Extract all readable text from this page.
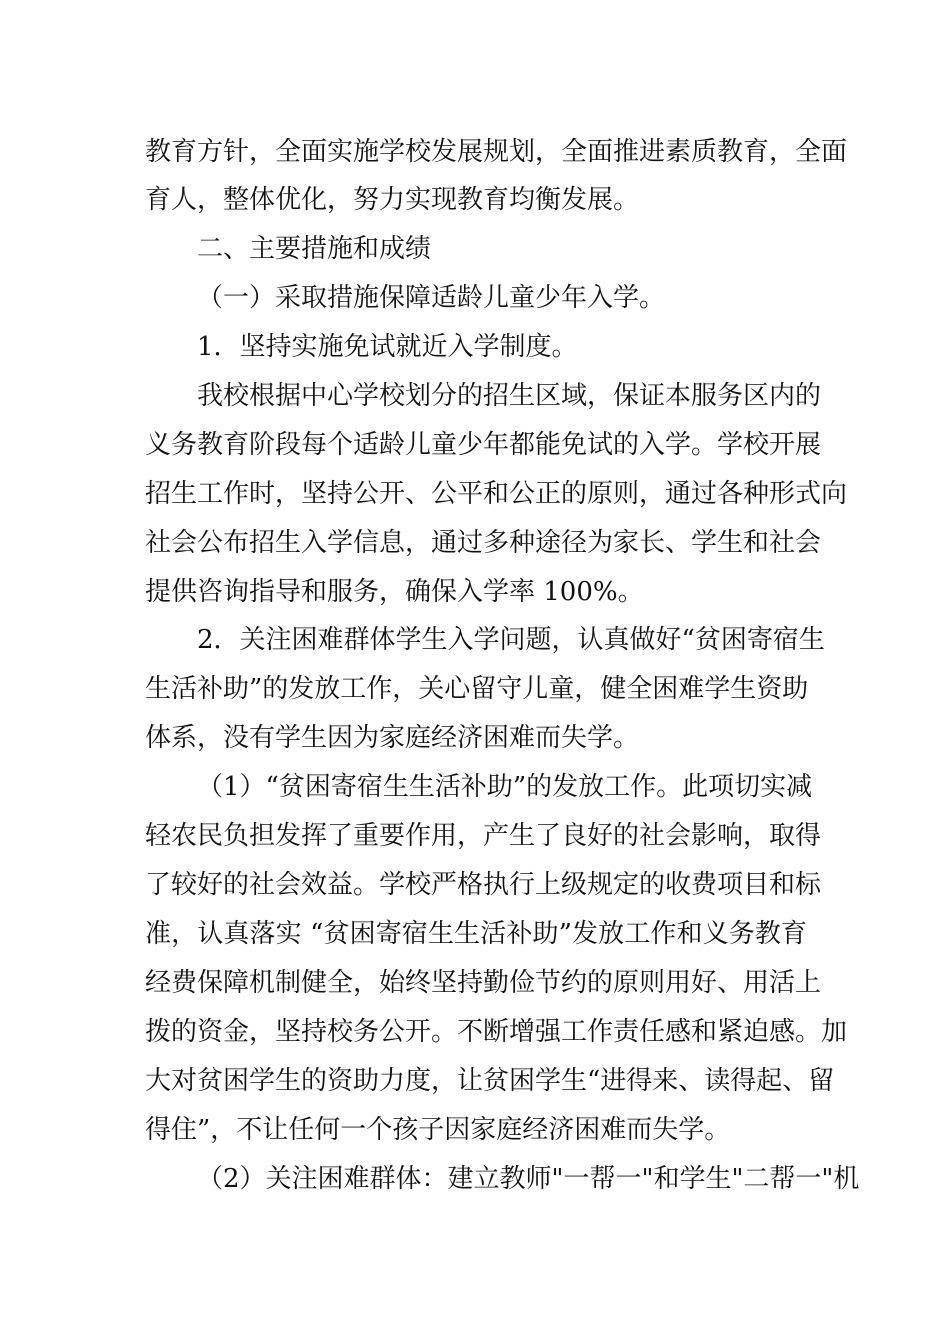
教育方针，全面实施学校发展规划，全面推进素质教育，全面
育人，整体优化，努力实现教育均衡发展。
二、主要措施和成绩
（一）采取措施保障适龄儿童少年入学。
1．坚持实施免试就近入学制度。
我校根据中心学校划分的招生区域，保证本服务区内的
义务教育阶段每个适龄儿童少年都能免试的入学。学校开展
招生工作时，坚持公开、公平和公正的原则，通过各种形式向
社会公布招生入学信息，通过多种途径为家长、学生和社会
提供咨询指导和服务，确保入学率 100%。
2．关注困难群体学生入学问题，认真做好“贫困寄宿生
生活补助”的发放工作，关心留守儿童，健全困难学生资助
体系，没有学生因为家庭经济困难而失学。
（1）“贫困寄宿生生活补助”的发放工作。此项切实减
轻农民负担发挥了重要作用，产生了良好的社会影响，取得
了较好的社会效益。学校严格执行上级规定的收费项目和标
准，认真落实 “贫困寄宿生生活补助”发放工作和义务教育
经费保障机制健全，始终坚持勤俭节约的原则用好、用活上
拨的资金，坚持校务公开。不断增强工作责任感和紧迫感。加
大对贫困学生的资助力度，让贫困学生“进得来、读得起、留
得住”，不让任何一个孩子因家庭经济困难而失学。
（2）关注困难群体：建立教师"一帮一"和学生"二帮一"机
